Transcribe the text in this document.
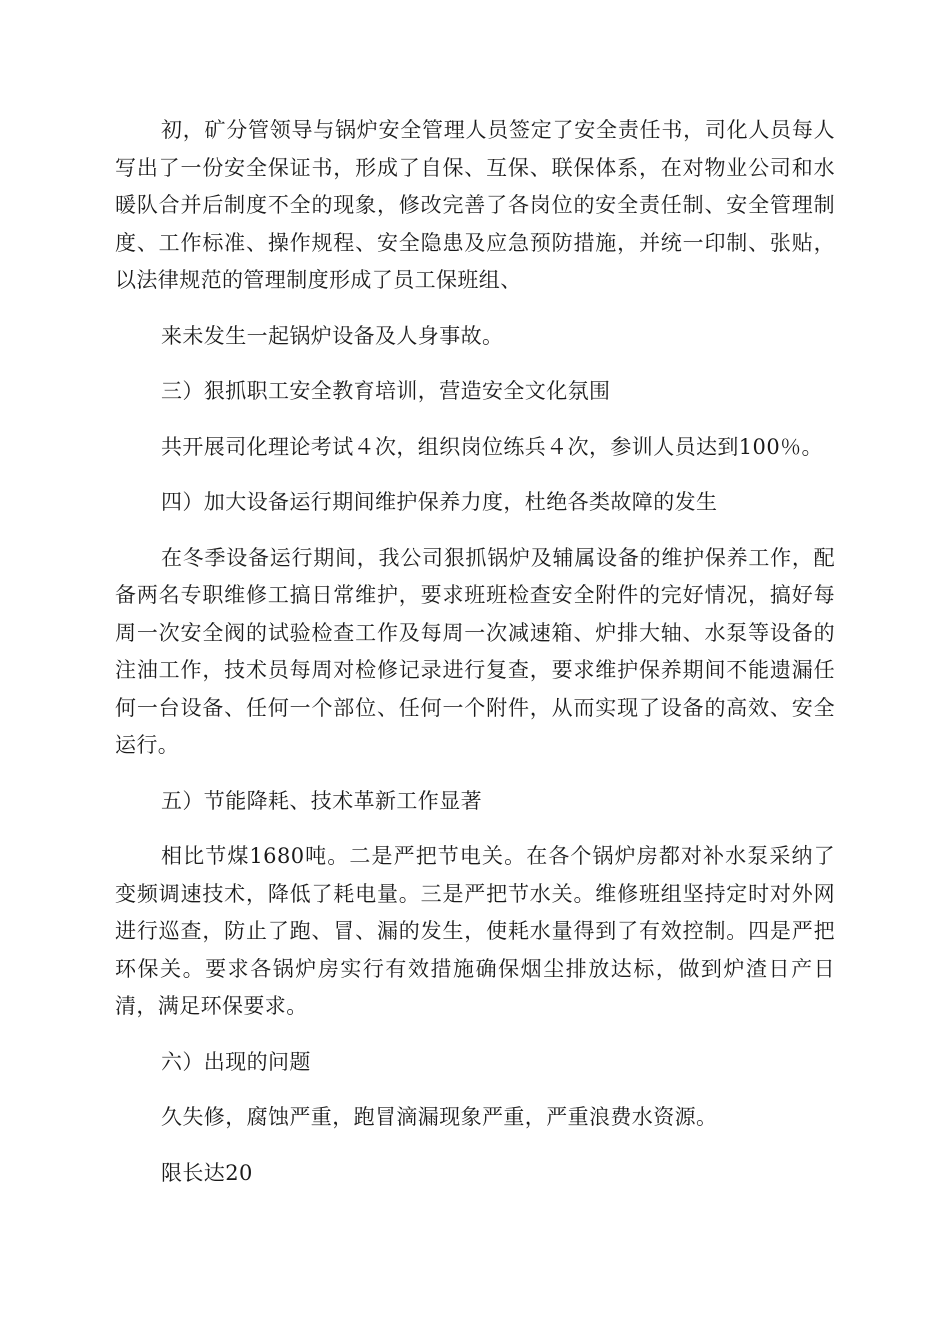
初，矿分管领导与锅炉安全管理人员签定了安全责任书，司化人员每人写出了一份安全保证书，形成了自保、互保、联保体系，在对物业公司和水暖队合并后制度不全的现象，修改完善了各岗位的安全责任制、安全管理制度、工作标准、操作规程、安全隐患及应急预防措施，并统一印制、张贴，以法律规范的管理制度形成了员工保班组、

来未发生一起锅炉设备及人身事故。

三）狠抓职工安全教育培训，营造安全文化氛围

共开展司化理论考试４次，组织岗位练兵４次，参训人员达到100％。

四）加大设备运行期间维护保养力度，杜绝各类故障的发生

在冬季设备运行期间，我公司狠抓锅炉及辅属设备的维护保养工作，配备两名专职维修工搞日常维护，要求班班检查安全附件的完好情况，搞好每周一次安全阀的试验检查工作及每周一次减速箱、炉排大轴、水泵等设备的注油工作，技术员每周对检修记录进行复查，要求维护保养期间不能遗漏任何一台设备、任何一个部位、任何一个附件，从而实现了设备的高效、安全运行。

五）节能降耗、技术革新工作显著

相比节煤1680吨。二是严把节电关。在各个锅炉房都对补水泵采纳了变频调速技术，降低了耗电量。三是严把节水关。维修班组坚持定时对外网进行巡查，防止了跑、冒、漏的发生，使耗水量得到了有效控制。四是严把环保关。要求各锅炉房实行有效措施确保烟尘排放达标，做到炉渣日产日清，满足环保要求。

六）出现的问题

久失修，腐蚀严重，跑冒滴漏现象严重，严重浪费水资源。

限长达20
